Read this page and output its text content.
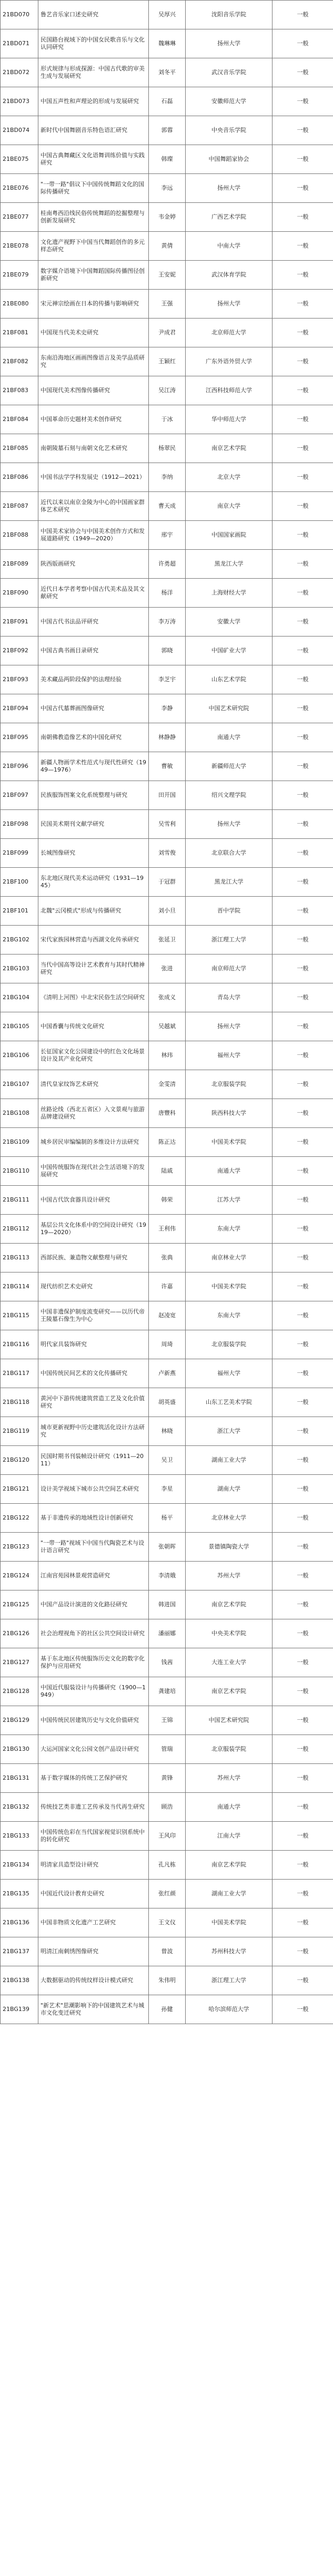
21BD070	鲁艺音乐家口述史研究	吴厚兴	沈阳音乐学院	一般
21BD071	民国路台视域下的中国女民歌音乐与文化认同研究	魏琳琳	扬州大学	一般
21BD072	形式规律与形成探源：中国古代歌的审美生成与发展研究	刘冬平	武汉音乐学院	一般
21BD073	中国五声性和声理论的形成与发展研究	石磊	安徽师范大学	一般
21BD074	新时代中国舞剧音乐特色语汇研究	郭蓉	中央音乐学院	一般
21BE075	中国古典舞藏区文化语舞训练价值与实践研究	韩璨	中国舞蹈家协会	一般
21BE076	"一带一路"倡议下中国传统舞蹈文化的国际传播研究	李远	扬州大学	一般
21BE077	桂南粤西沿线民俗传统舞蹈的挖掘整理与创新发展研究	韦金婷	广西艺术学院	一般
21BE078	文化遗产视野下中国当代舞蹈创作的多元样态研究	黄倩	中南大学	一般
21BE079	数字媒介语境下中国舞蹈国际传播图径创新研究	王安妮	武汉体育学院	一般
21BE080	宋元禅宗绘画在日本的传播与影响研究	王强	扬州大学	一般
21BF081	中国现当代美术史研究	尹成君	北京师范大学	一般
21BF082	东南沿海地区画画图像语言及美学品质研究	王颖红	广东外语外贸大学	一般
21BF083	中国现代美术图像传播研究	吴江涛	江西科技师范大学	一般
21BF084	中国革命历史题材美术创作研究	于冰	华中师范大学	一般
21BF085	南朝陵墓石刻与南朝文化艺术研究	杨翠民	南京艺术学院	一般
21BF086	中国书法学学科发展史（1912—2021）	李纳	北京大学	一般
21BF087	近代以来以南京金陵为中心的中国画家群体艺术研究	曹天成	南京大学	一般
21BF088	中国美术家协会与中国美术创作方式和发展道路研究（1949—2020）	邢宇	中国国家画院	一般
21BF089	陕西版画研究	许勇超	黑龙江大学	一般
21BF090	近代日本学者考察中国古代美术品及其文献研究	杨洋	上海财经大学	一般
21BF091	中国古代书法品评研究	李万涛	安徽大学	一般
21BF092	中国古典书画目录研究	郭晓	中国矿业大学	一般
21BF093	美术藏品两阶段保护的法理经验	李芝宇	山东艺术学院	一般
21BF094	中国古代墓葬画图像研究	李静	中国艺术研究院	一般
21BF095	南朝佛教造像艺术的中国化研究	林静静	南通大学	一般
21BF096	新疆人物画学术性范式与现代性研究（1949—1976）	曹敏	新疆师范大学	一般
21BF097	民族服饰图案文化系统整理与研究	田开国	绍兴文理学院	一般
21BF098	民国美术期刊文献学研究	吴雪利	扬州大学	一般
21BF099	长城图像研究	刘雪俊	北京联合大学	一般
21BF100	东北地区现代美术运动研究（1931—1945）	于冠群	黑龙江大学	一般
21BF101	北魏"云冈模式"形成与传播研究	刘小旦	晋中学院	一般
21BG102	宋代家族园林营造与西湖文化传承研究	张延卫	浙江理工大学	一般
21BG103	当代中国高等设计艺术教育与其时代精神研究	张进	南京师范大学	一般
21BG104	《清明上河图》中北宋民俗生活空间研究	张成义	青岛大学	一般
21BG105	中国香囊与传统文化研究	吴越斌	扬州大学	一般
21BG106	长征国家文化公园建设中的红色文化场景设计及其产业化研究	林玮	福州大学	一般
21BG107	清代皇家纹饰艺术研究	金雯清	北京服装学院	一般
21BG108	丝路论线（西北五省区）入文景观与旅游品牌建设研究	唐豐科	陕西科技大学	一般
21BG109	城乡居民审编编制的多维设计方法研究	陈正达	中国美术学院	一般
21BG110	中国传统服饰在现代社会生活语境下的发展研究	陆戚	南通大学	一般
21BG111	中国古代饮食器具设计研究	韩荣	江苏大学	一般
21BG112	基层公共文化体系中的空间设计研究（1919—2020）	王利伟	东南大学	一般
21BG113	西部民族、兼造物文献整理与研究	张典	南京林业大学	一般
21BG114	现代纺织艺术史研究	许嘉	中国美术学院	一般
21BG115	中国非遗保护制度流变研究——以历代帝王陵墓石像生为中心	赵凌宽	东南大学	一般
21BG116	明代家具装饰研究	周琦	北京服装学院	一般
21BG117	中国传统民间艺术的文化传播研究	卢新燕	福州大学	一般
21BG118	黄河中下游传统建筑营造工艺及文化价值研究	胡英盛	山东工艺美术学院	一般
21BG119	城市更新视野中历史建筑活化设计方法研究	林晓	浙江大学	一般
21BG120	民国时期书刊装帧设计研究（1911—2011）	吴卫	湖南工业大学	一般
21BG121	设计美学视域下城市公共空间艺术研究	李星	湖南大学	一般
21BG122	基于非遗传承的地域性设计创新研究	杨平	北京林业大学	一般
21BG123	"一带一路"视域下中国当代陶瓷艺术与设计语言研究	张朝晖	景德镇陶瓷大学	一般
21BG124	江南宫苑园林景观营造研究	李清娥	苏州大学	一般
21BG125	中国产品设计演进的文化路径研究	韩进国	南京艺术学院	一般
21BG126	社会治理视角下的社区公共空间设计研究	潘丽娜	中央美术学院	一般
21BG127	基于东北地区传统服饰历史文化的数字化保护与应用研究	钱茜	大连工业大学	一般
21BG128	中国近代服装设计与传播研究（1900—1949）	龚建培	南京艺术学院	一般
21BG129	中国传统民居建筑历史与文化价值研究	王锦	中国艺术研究院	一般
21BG130	大运河国家文化公园文创产品设计研究	管瑞	北京服装学院	一般
21BG131	基于数字媒体的传统工艺保护研究	黄锋	苏州大学	一般
21BG132	传统技艺类非遗工艺传承及当代再生研究	顾浩	南通大学	一般
21BG133	中国传统色彩在当代国家视觉识别系统中的转化研究	王风印	江南大学	一般
21BG134	明清家具造型设计研究	孔凡栋	南京艺术学院	一般
21BG135	中国近代设计教育史研究	张红颜	湖南工业大学	一般
21BG136	中国非物质文化遗产工艺研究	王文仪	中国美术学院	一般
21BG137	明清江南刺绣图像研究	曾波	苏州科技大学	一般
21BG138	大数据驱动的传统纹样设计模式研究	朱伟明	浙江理工大学	一般
21BG139	"新艺术"思潮影响下的中国建筑艺术与城市文化变迁研究	孙健	哈尔滨师范大学	一般
